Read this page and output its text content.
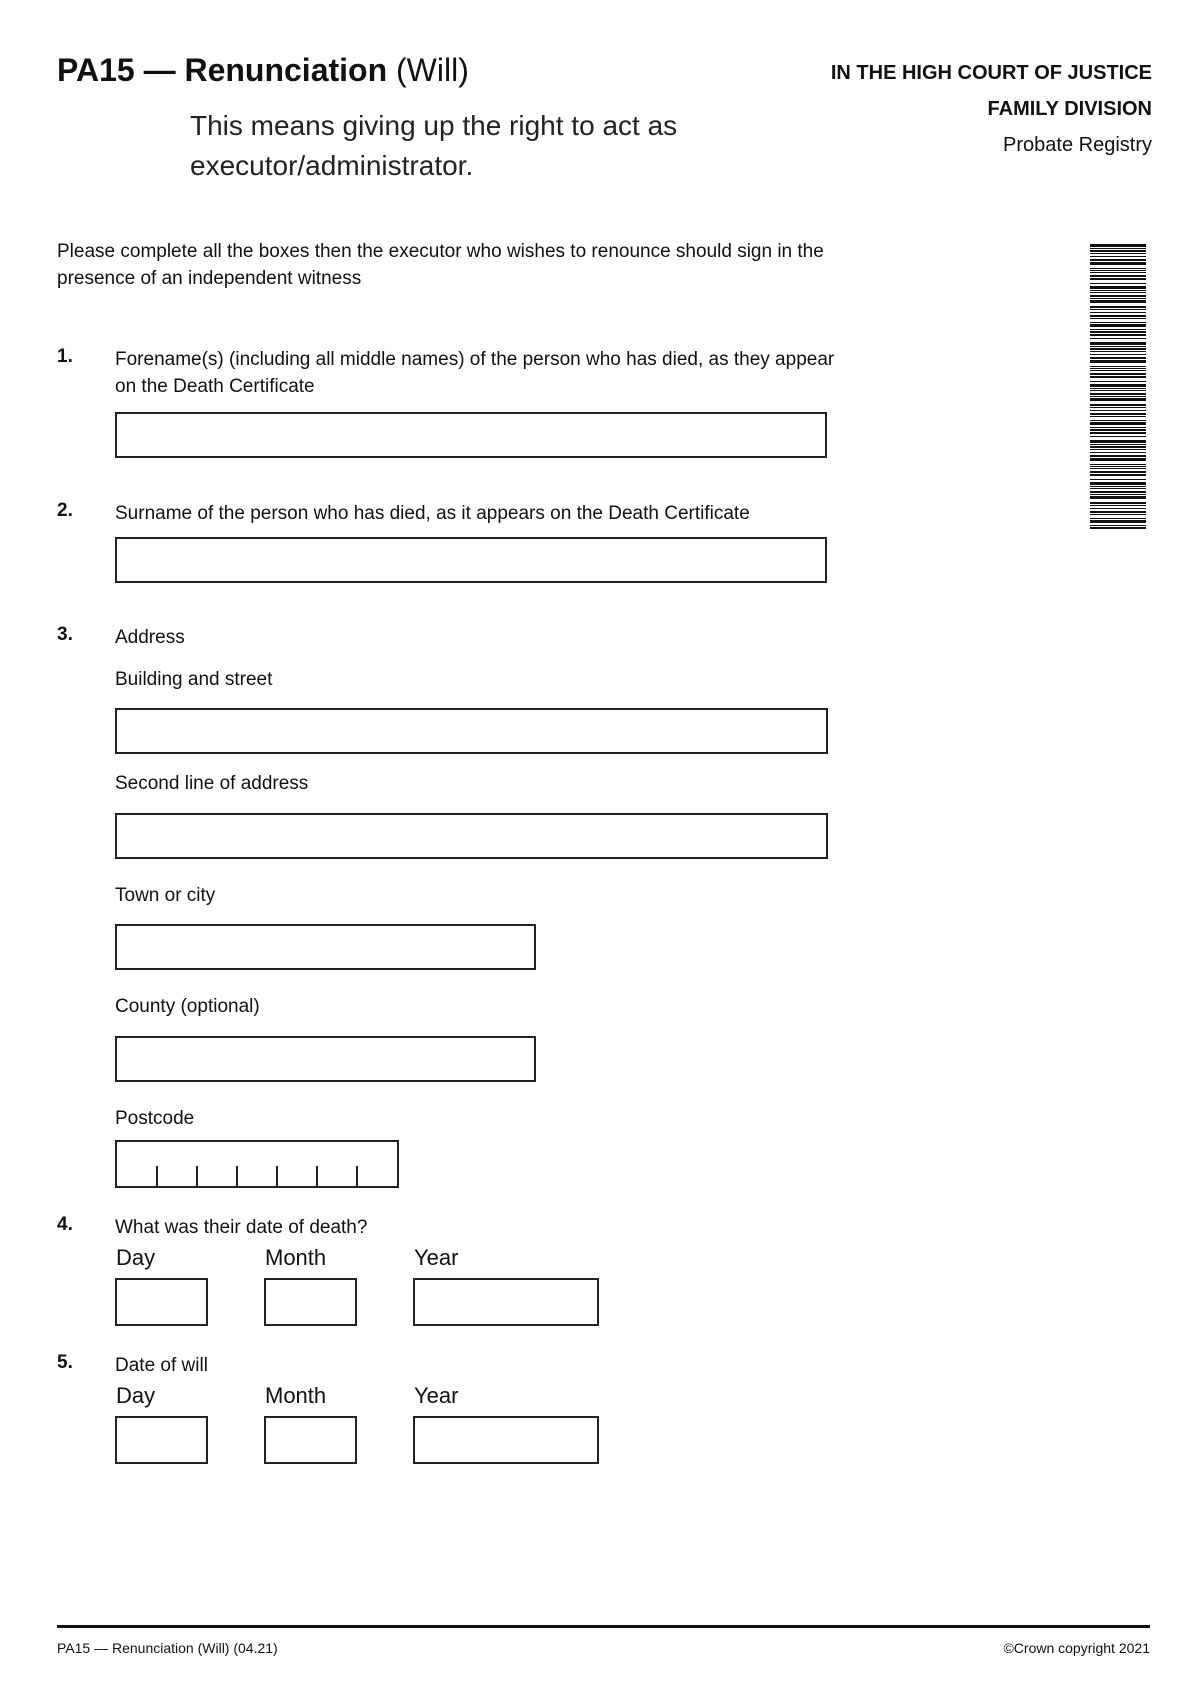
PA15 — Renunciation (Will)
This means giving up the right to act as executor/administrator.
IN THE HIGH COURT OF JUSTICE
FAMILY DIVISION
Probate Registry
Please complete all the boxes then the executor who wishes to renounce should sign in the presence of an independent witness
1. Forename(s) (including all middle names) of the person who has died, as they appear on the Death Certificate
2. Surname of the person who has died, as it appears on the Death Certificate
3. Address
Building and street
Second line of address
Town or city
County (optional)
Postcode
4. What was their date of death?
Day	Month	Year
5. Date of will
Day	Month	Year
PA15 — Renunciation (Will) (04.21)	©Crown copyright 2021
